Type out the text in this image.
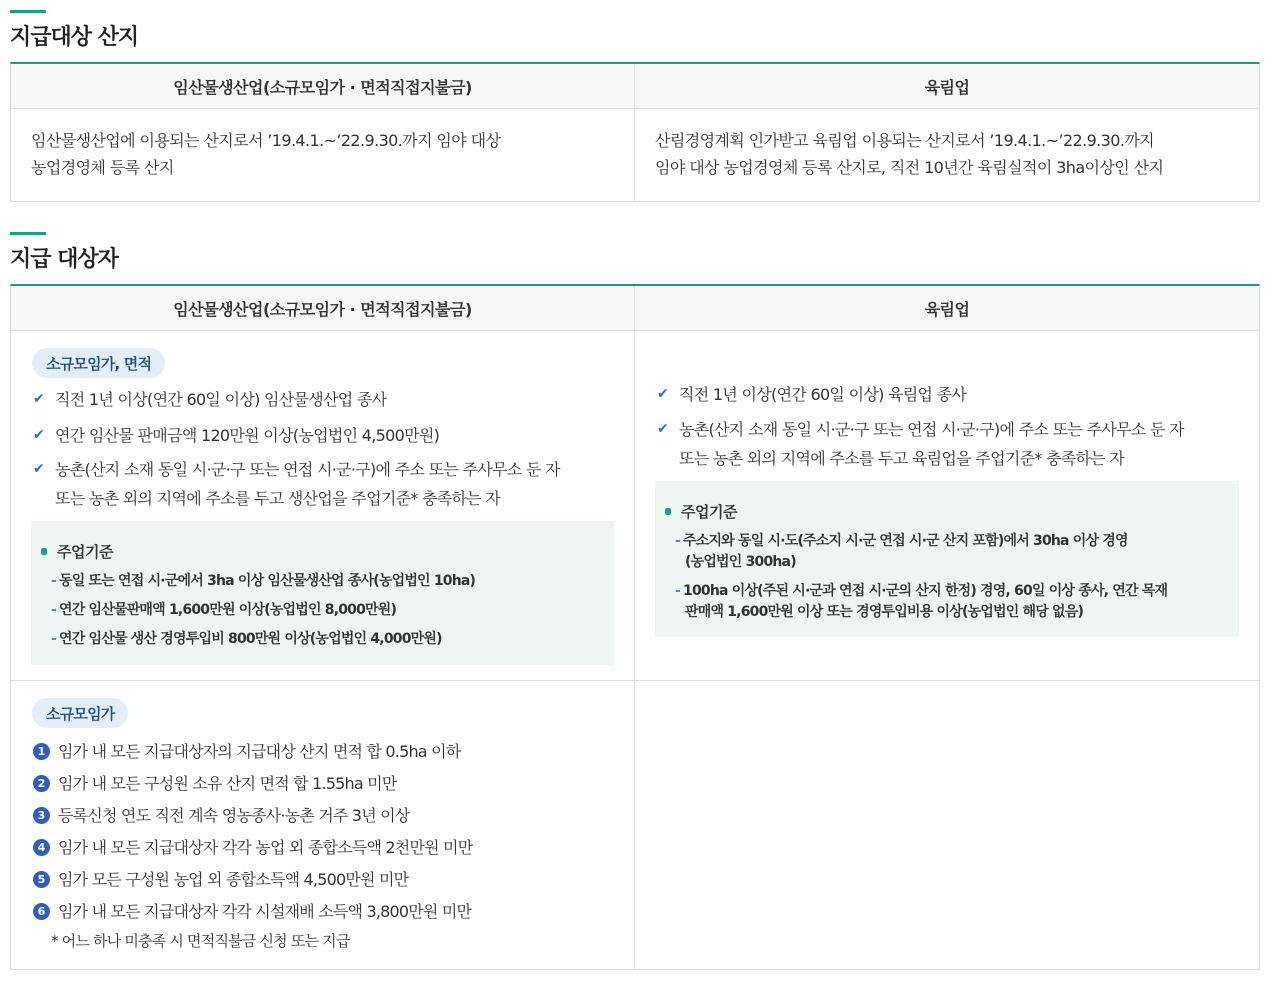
지급대상 산지
임산물생산업(소규모임가 · 면적직접지불금)	육림업
임산물생산업에 이용되는 산지로서 ’19.4.1.~’22.9.30.까지 임야 대상
농업경영체 등록 산지
산림경영계획 인가받고 육림업 이용되는 산지로서 ’19.4.1.~’22.9.30.까지
임야 대상 농업경영체 등록 산지로, 직전 10년간 육림실적이 3ha이상인 산지
지급 대상자
임산물생산업(소규모임가 · 면적직접지불금)	육림업
소규모임가, 면적
✔ 직전 1년 이상(연간 60일 이상) 임산물생산업 종사
✔ 연간 임산물 판매금액 120만원 이상(농업법인 4,500만원)
✔ 농촌(산지 소재 동일 시·군·구 또는 연접 시·군·구)에 주소 또는 주사무소 둔 자
또는 농촌 외의 지역에 주소를 두고 생산업을 주업기준* 충족하는 자
주업기준
- 동일 또는 연접 시·군에서 3ha 이상 임산물생산업 종사(농업법인 10ha)
- 연간 임산물판매액 1,600만원 이상(농업법인 8,000만원)
- 연간 임산물 생산 경영투입비 800만원 이상(농업법인 4,000만원)
✔ 직전 1년 이상(연간 60일 이상) 육림업 종사
✔ 농촌(산지 소재 동일 시·군·구 또는 연접 시·군·구)에 주소 또는 주사무소 둔 자
또는 농촌 외의 지역에 주소를 두고 육림업을 주업기준* 충족하는 자
주업기준
- 주소지와 동일 시·도(주소지 시·군 연접 시·군 산지 포함)에서 30ha 이상 경영
(농업법인 300ha)
- 100ha 이상(주된 시·군과 연접 시·군의 산지 한정) 경영, 60일 이상 종사, 연간 목재
판매액 1,600만원 이상 또는 경영투입비용 이상(농업법인 해당 없음)
소규모임가
1 임가 내 모든 지급대상자의 지급대상 산지 면적 합 0.5ha 이하
2 임가 내 모든 구성원 소유 산지 면적 합 1.55ha 미만
3 등록신청 연도 직전 계속 영농종사·농촌 거주 3년 이상
4 임가 내 모든 지급대상자 각각 농업 외 종합소득액 2천만원 미만
5 임가 모든 구성원 농업 외 종합소득액 4,500만원 미만
6 임가 내 모든 지급대상자 각각 시설재배 소득액 3,800만원 미만
* 어느 하나 미충족 시 면적직불금 신청 또는 지급
